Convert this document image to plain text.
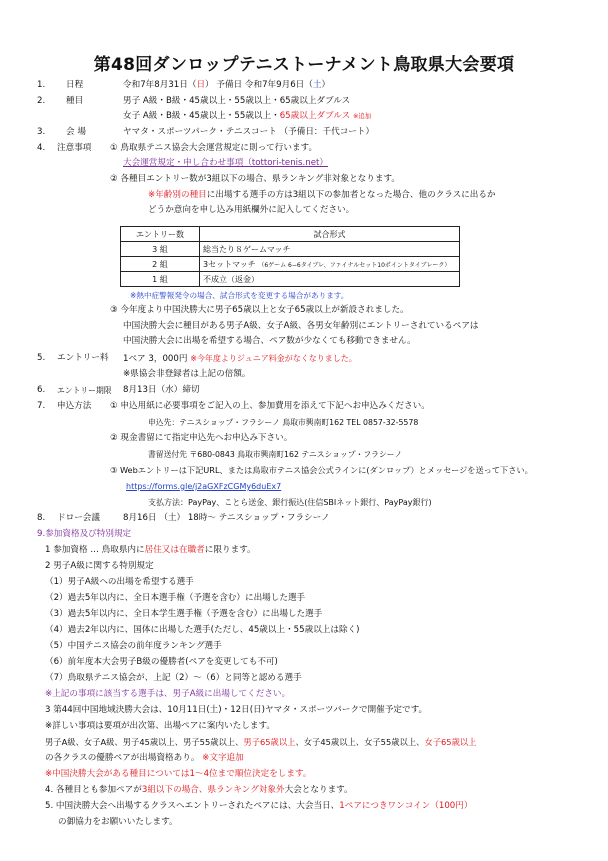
第48回ダンロップテニストーナメント鳥取県大会要項
1. 日程	令和7年8月31日（日） 予備日 令和7年9月6日（土）
2. 種目	男子 A級・B級・45歳以上・55歳以上・65歳以上ダブルス
女子 A級・B級・45歳以上・55歳以上・65歳以上ダブルス ※追加
3. 会 場	ヤマタ・スポーツパーク・テニスコート （予備日：千代コート）
4. 注意事項 ① 鳥取県テニス協会大会運営規定に則って行います。
大会運営規定・申し合わせ事項（tottori-tenis.net）
② 各種目エントリー数が3組以下の場合、県ランキング非対象となります。
※年齢別の種目に出場する選手の方は3組以下の参加者となった場合、他のクラスに出るか
どうか意向を申し込み用紙欄外に記入してください。
エントリー数	試合形式
3 組	総当たり８ゲームマッチ
2 組	3セットマッチ （6ゲーム 6−6タイブレ、ファイナルセット10ポイントタイブレーク）
1 組	不成立（返金）
※熱中症警報発令の場合、試合形式を変更する場合があります。
③ 今年度より中国決勝大に男子65歳以上と女子65歳以上が新設されました。
中国決勝大会に種目がある男子A級、女子A級、各男女年齢別にエントリーされているペアは
中国決勝大会に出場を希望する場合、ペア数が少なくても移動できません。
5. エントリー料 1ペア 3，000円 ※今年度よりジュニア料金がなくなりました。
※県協会非登録者は上記の倍額。
6. エントリー期限 8月13日（水）締切
7. 申込方法 ① 申込用紙に必要事項をご記入の上、参加費用を添えて下記へお申込みください。
申込先：テニスショップ・フラシーノ 鳥取市興南町162 TEL 0857-32-5578
② 現金書留にて指定申込先へお申込み下さい。
書留送付先 〒680-0843 鳥取市興南町162 テニスショップ・フラシーノ
③ Webエントリーは下記URL、または鳥取市テニス協会公式ラインに(ダンロップ）とメッセージを送って下さい。
https://forms.gle/j2aGXFzCGMy6duEx7
支払方法：PayPay、ことら送金、銀行振込(住信SBIネット銀行、PayPay銀行)
8. ドロー会議	8月16日 （土） 18時〜 テニスショップ・フラシーノ
9.参加資格及び特別規定
1 参加資格 … 鳥取県内に居住又は在職者に限ります。
2 男子A級に関する特別規定
（1）男子A級への出場を希望する選手
（2）過去5年以内に、全日本選手権（予選を含む）に出場した選手
（3）過去5年以内に、全日本学生選手権（予選を含む）に出場した選手
（4）過去2年以内に、国体に出場した選手(ただし、45歳以上・55歳以上は除く)
（5）中国テニス協会の前年度ランキング選手
（6）前年度本大会男子B級の優勝者(ペアを変更しても不可)
（7）鳥取県テニス協会が、上記（2）〜（6）と同等と認める選手
※上記の事項に該当する選手は、男子A級に出場してください。
3 第44回中国地域決勝大会は、10月11日(土)・12日(日)ヤマタ・スポーツパークで開催予定です。
※詳しい事項は要項が出次第、出場ペアに案内いたします。
男子A級、女子A級、男子45歳以上、男子55歳以上、男子65歳以上、女子45歳以上、女子55歳以上、女子65歳以上
の各クラスの優勝ペアが出場資格あり。 ※文字追加
※中国決勝大会がある種目については1〜4位まで順位決定をします。
4. 各種目とも参加ペアが3組以下の場合、県ランキング対象外大会となります。
5. 中国決勝大会へ出場するクラスへエントリーされたペアには、大会当日、1ペアにつきワンコイン（100円）
の御協力をお願いいたします。
